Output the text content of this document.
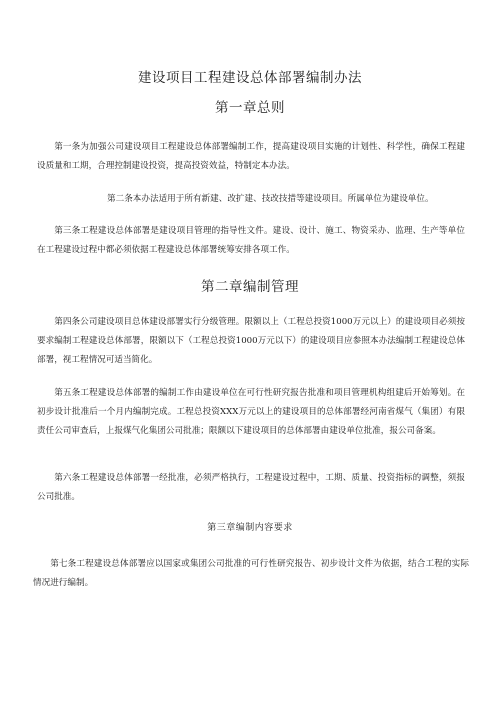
建设项目工程建设总体部署编制办法
第一章总则

第一条为加强公司建设项目工程建设总体部署编制工作，提高建设项目实施的计划性、科学性，确保工程建设质量和工期，合理控制建设投资，提高投资效益，特制定本办法。

第二条本办法适用于所有新建、改扩建、技改技措等建设项目。所属单位为建设单位。

第三条工程建设总体部署是建设项目管理的指导性文件。建设、设计、施工、物资采办、监理、生产等单位在工程建设过程中都必须依据工程建设总体部署统筹安排各项工作。

第二章编制管理

第四条公司建设项目总体建设部署实行分级管理。限额以上（工程总投资1000万元以上）的建设项目必须按要求编制工程建设总体部署，限额以下（工程总投资1000万元以下）的建设项目应参照本办法编制工程建设总体部署，视工程情况可适当简化。

第五条工程建设总体部署的编制工作由建设单位在可行性研究报告批准和项目管理机构组建后开始筹划。在初步设计批准后一个月内编制完成。工程总投资XXX万元以上的建设项目的总体部署经河南省煤气（集团）有限责任公司审查后，上报煤气化集团公司批准；限额以下建设项目的总体部署由建设单位批准，报公司备案。

第六条工程建设总体部署一经批准，必须严格执行，工程建设过程中，工期、质量、投资指标的调整，须报公司批准。

第三章编制内容要求

第七条工程建设总体部署应以国家或集团公司批准的可行性研究报告、初步设计文件为依据，结合工程的实际情况进行编制。
